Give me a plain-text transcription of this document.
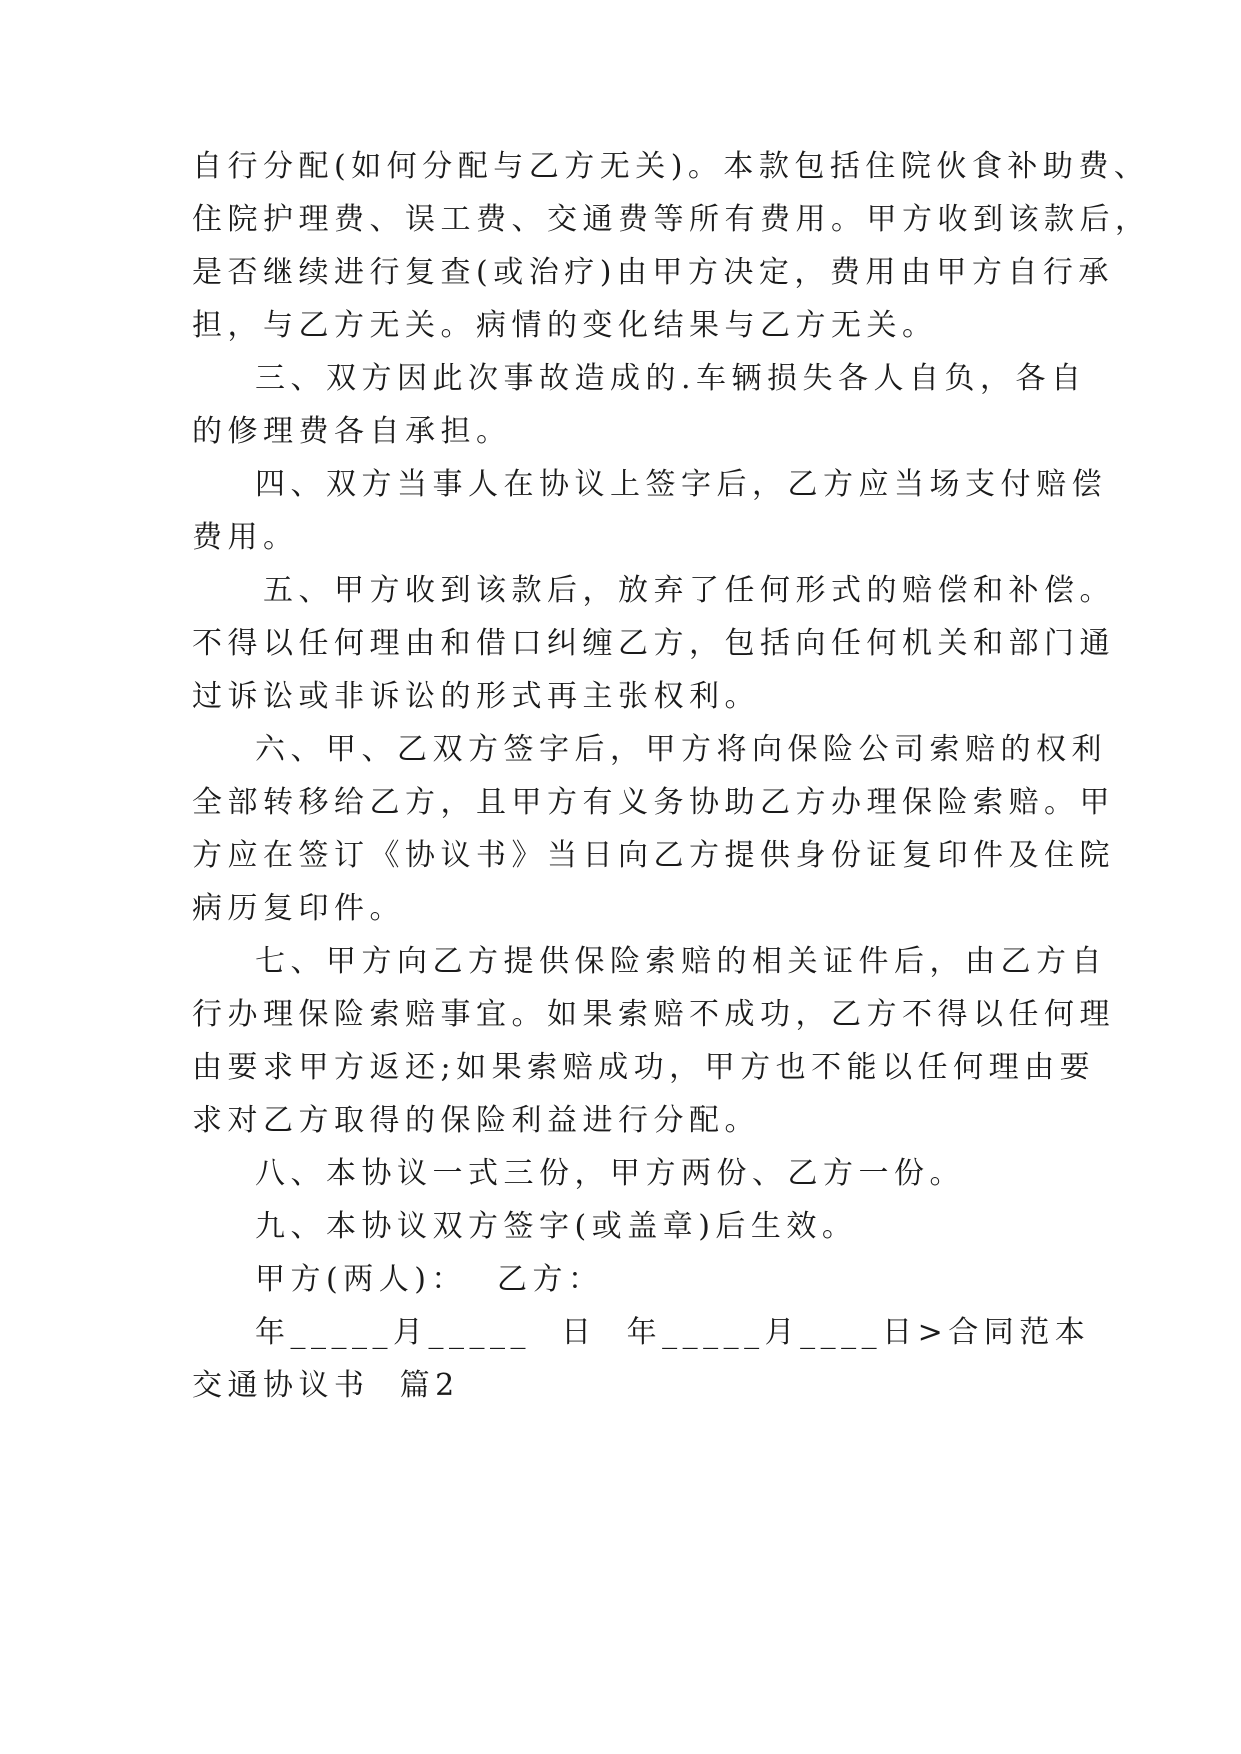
自行分配(如何分配与乙方无关)。本款包括住院伙食补助费、
住院护理费、误工费、交通费等所有费用。甲方收到该款后，
是否继续进行复查(或治疗)由甲方决定，费用由甲方自行承
担，与乙方无关。病情的变化结果与乙方无关。
三、双方因此次事故造成的.车辆损失各人自负，各自
的修理费各自承担。
四、双方当事人在协议上签字后，乙方应当场支付赔偿
费用。
五、甲方收到该款后，放弃了任何形式的赔偿和补偿。
不得以任何理由和借口纠缠乙方，包括向任何机关和部门通
过诉讼或非诉讼的形式再主张权利。
六、甲、乙双方签字后，甲方将向保险公司索赔的权利
全部转移给乙方，且甲方有义务协助乙方办理保险索赔。甲
方应在签订《协议书》当日向乙方提供身份证复印件及住院
病历复印件。
七、甲方向乙方提供保险索赔的相关证件后，由乙方自
行办理保险索赔事宜。如果索赔不成功，乙方不得以任何理
由要求甲方返还;如果索赔成功，甲方也不能以任何理由要
求对乙方取得的保险利益进行分配。
八、本协议一式三份，甲方两份、乙方一份。
九、本协议双方签字(或盖章)后生效。
甲方(两人)：  乙方：
年_____月_____  日  年_____月____日>合同范本
交通协议书  篇2
